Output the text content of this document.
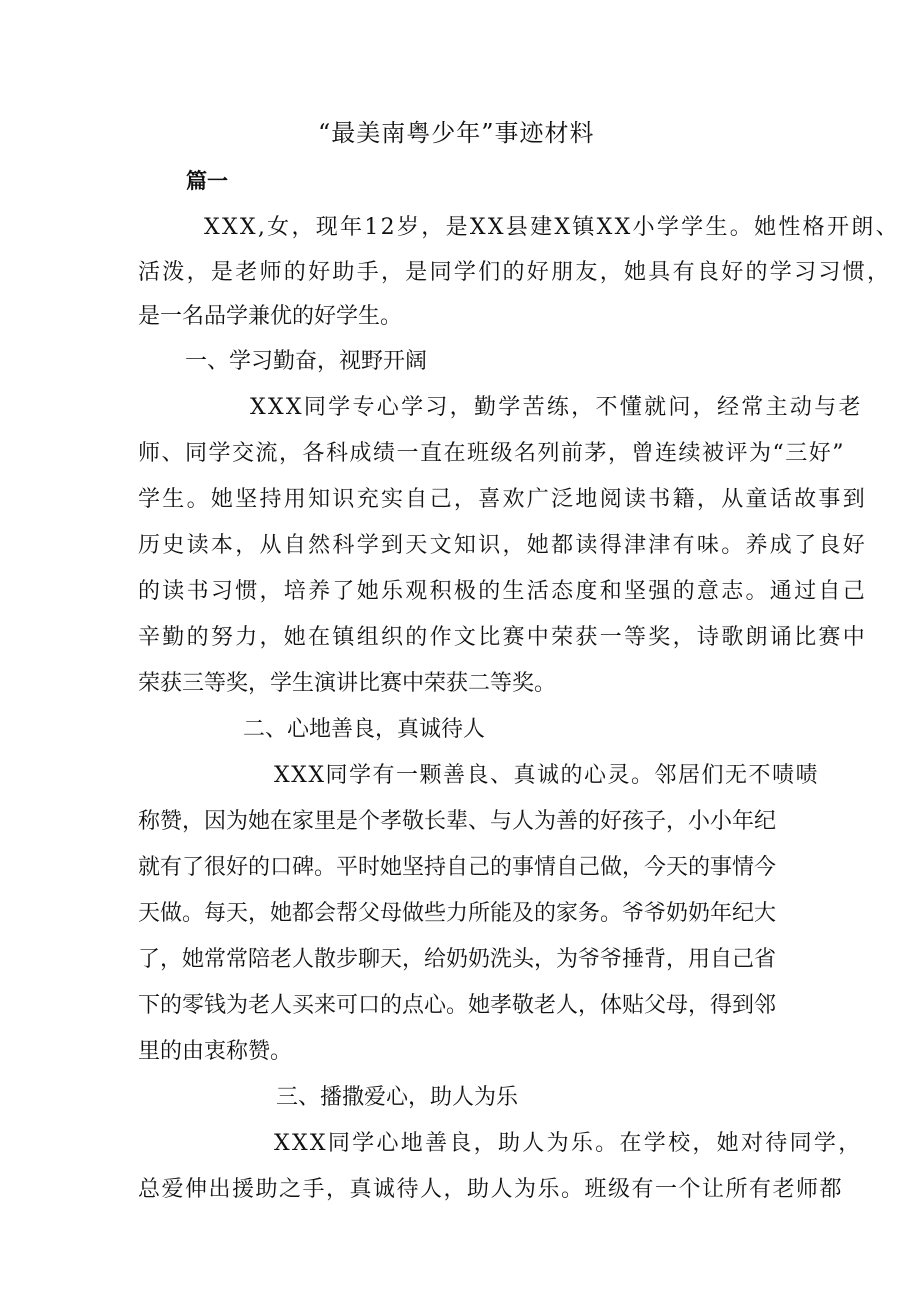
“最美南粤少年”事迹材料
篇一
XXX,女，现年12岁，是XX县建X镇XX小学学生。她性格开朗、
活泼，是老师的好助手，是同学们的好朋友，她具有良好的学习习惯，
是一名品学兼优的好学生。
一、学习勤奋，视野开阔
XXX同学专心学习，勤学苦练，不懂就问，经常主动与老
师、同学交流，各科成绩一直在班级名列前茅，曾连续被评为“三好”
学生。她坚持用知识充实自己，喜欢广泛地阅读书籍，从童话故事到
历史读本，从自然科学到天文知识，她都读得津津有味。养成了良好
的读书习惯，培养了她乐观积极的生活态度和坚强的意志。通过自己
辛勤的努力，她在镇组织的作文比赛中荣获一等奖，诗歌朗诵比赛中
荣获三等奖，学生演讲比赛中荣获二等奖。
二、心地善良，真诚待人
XXX同学有一颗善良、真诚的心灵。邻居们无不啧啧
称赞，因为她在家里是个孝敬长辈、与人为善的好孩子，小小年纪
就有了很好的口碑。平时她坚持自己的事情自己做，今天的事情今
天做。每天，她都会帮父母做些力所能及的家务。爷爷奶奶年纪大
了，她常常陪老人散步聊天，给奶奶洗头，为爷爷捶背，用自己省
下的零钱为老人买来可口的点心。她孝敬老人，体贴父母，得到邻
里的由衷称赞。
三、播撒爱心，助人为乐
XXX同学心地善良，助人为乐。在学校，她对待同学，
总爱伸出援助之手，真诚待人，助人为乐。班级有一个让所有老师都
